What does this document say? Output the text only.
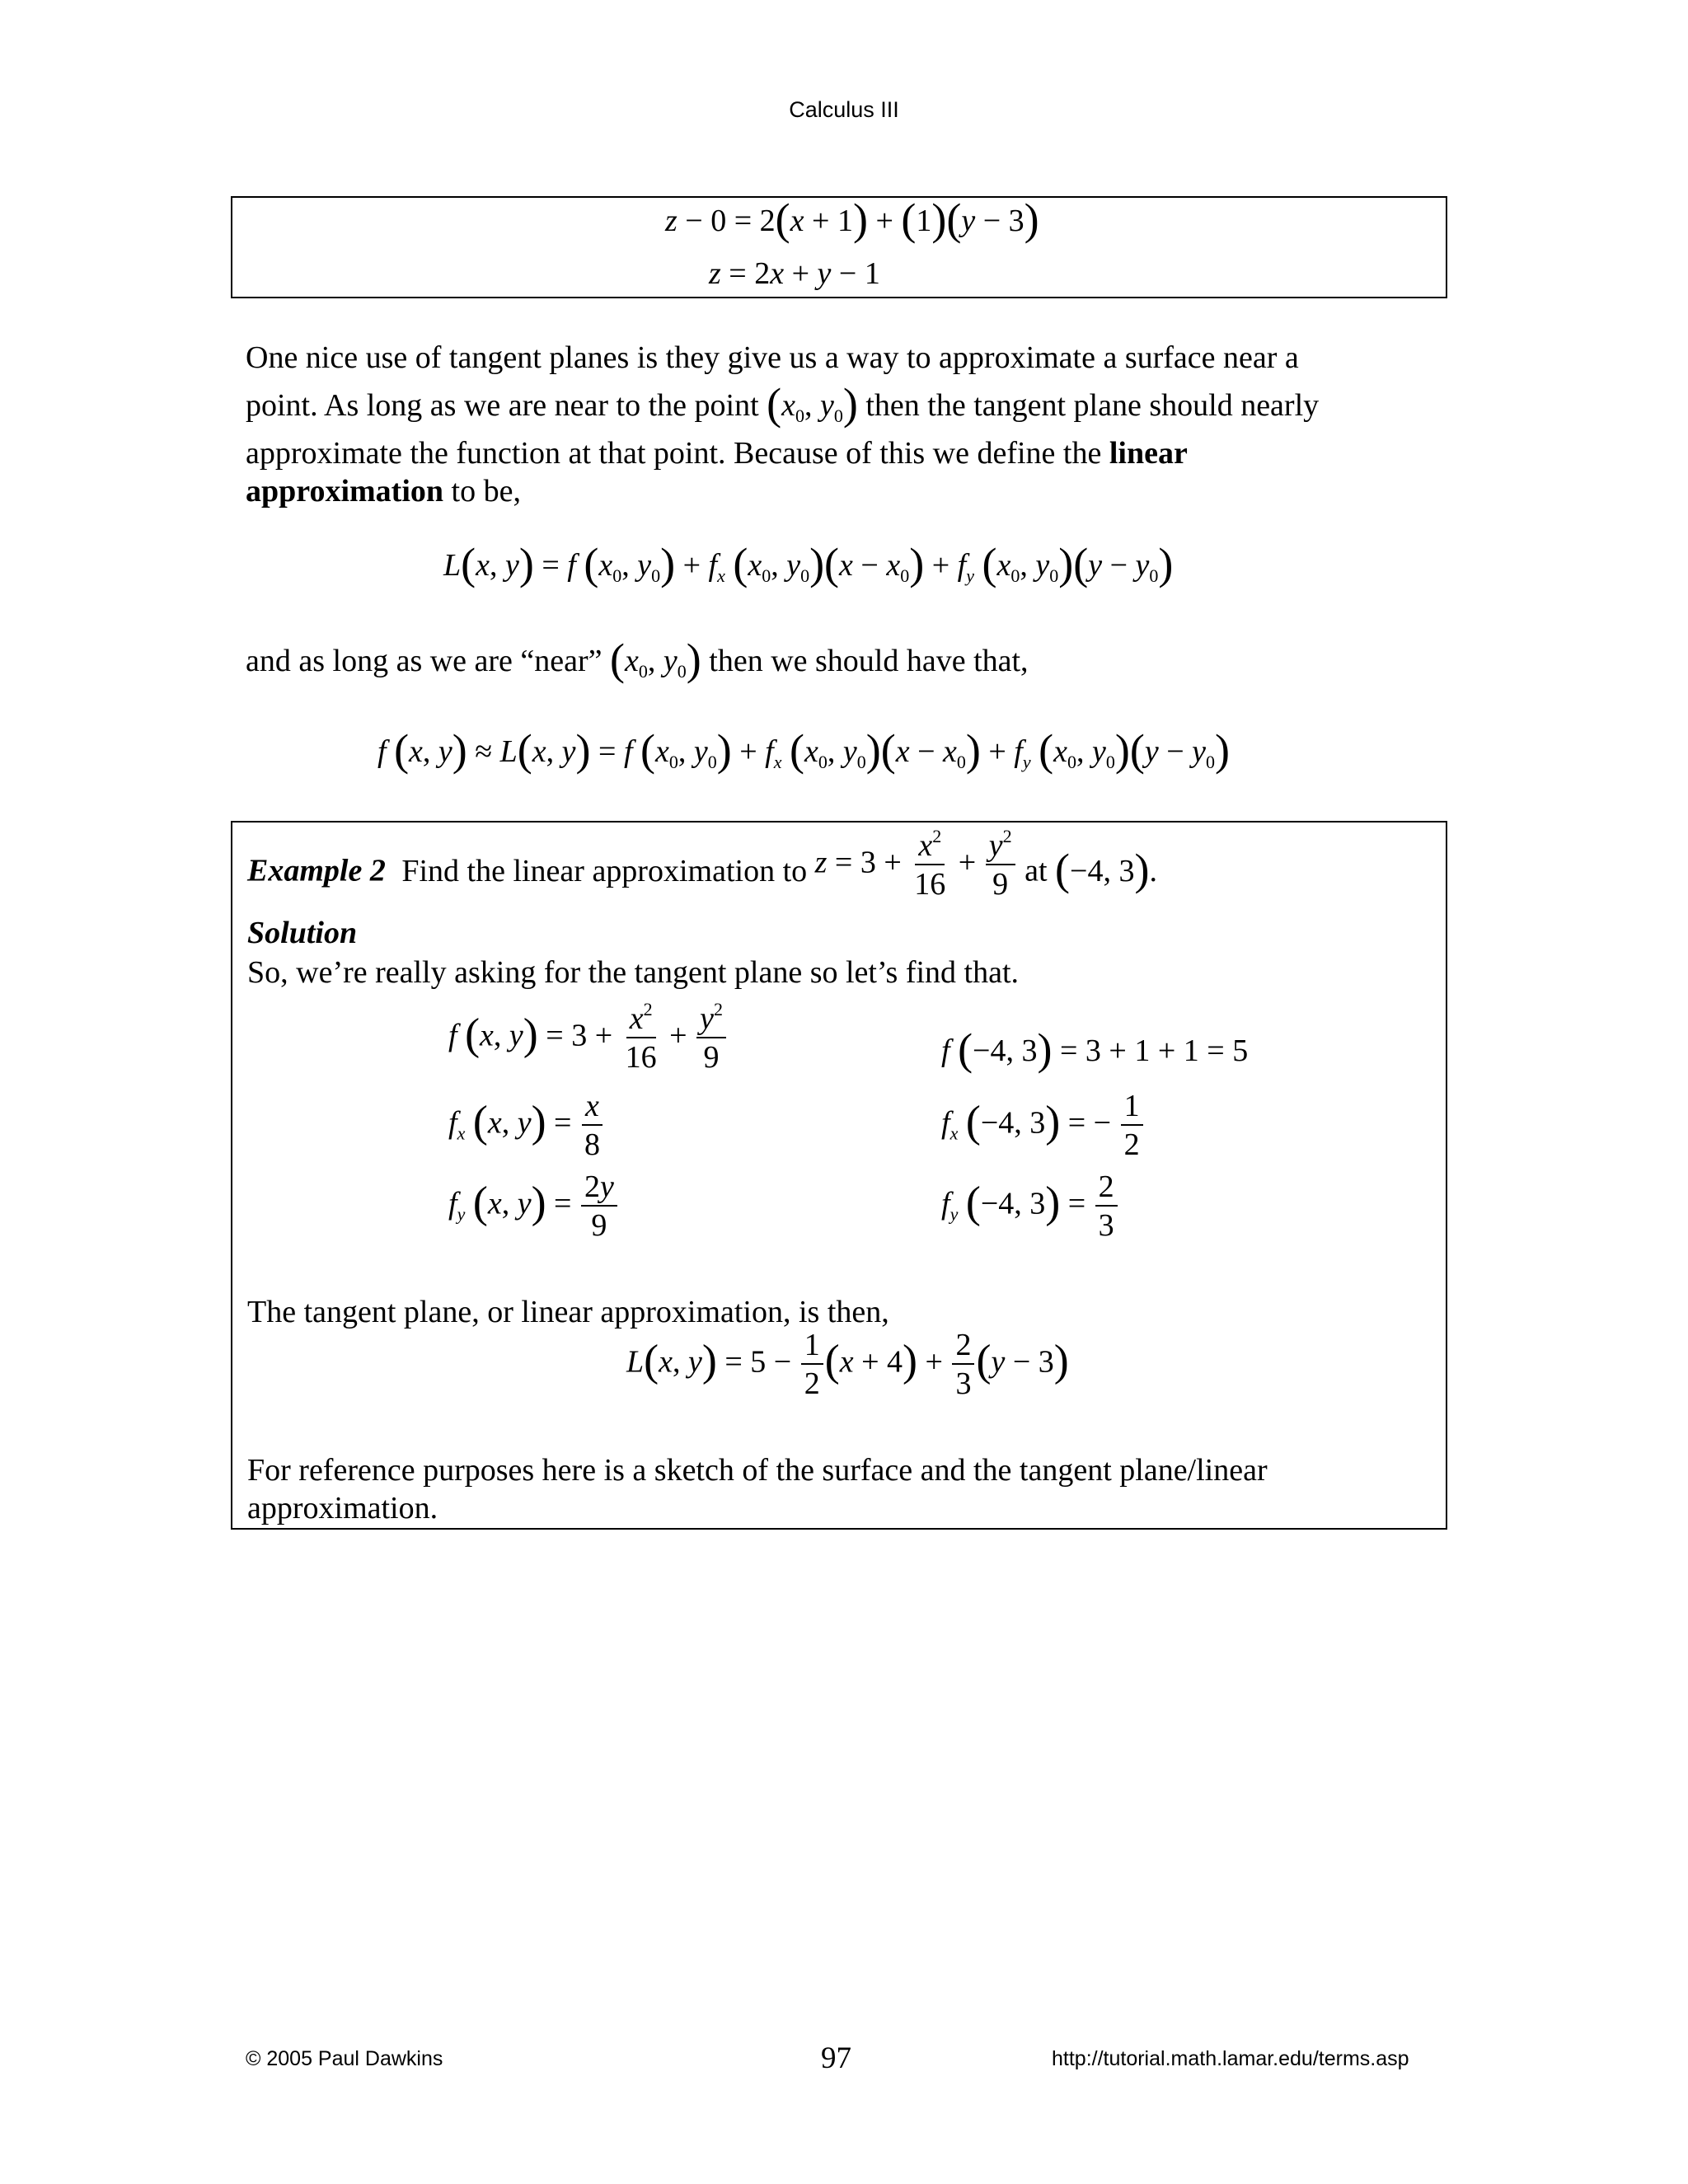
Calculus III
z − 0 = 2(x + 1) + (1)(y − 3)
z = 2x + y − 1
One nice use of tangent planes is they give us a way to approximate a surface near a
point. As long as we are near to the point ($x_0$, $y_0$) then the tangent plane should nearly
approximate the function at that point. Because of this we define the linear
approximation to be,
L(x, y) = f ($x_0$, $y_0) + f_x$ ($x_0$, $y_0)(x - x_0) + f_y$ ($x_0$, $y_0)(y - y_0)$
and as long as we are “near” ($x_0$, $y_0$) then we should have that,
f (x, y) ≈ L(x, y) = f ($x_0$, $y_0) + f_x$ ($x_0$, $y_0)(x - x_0) + f_y$ ($x_0$, $y_0)(y - y_0)$
Example 2 Find the linear approximation to $z = 3 + \frac{x^2}{16} + \frac{y^2}{9}$ at (−4, 3).
Solution
So, we’re really asking for the tangent plane so let’s find that.
f (x, $y) = 3 + \frac{x^2}{16} + \frac{y^2}{9}$
$f_x$ (x, $y) = \frac{x}{8}$
$f_y$ (x, $y) = \frac{2y}{9}$
f (−4, 3) = 3 + 1 + 1 = 5
$f_x$ (−4, 3) = − $\frac{1}{2}$
$f_y$ (−4, $3) = \frac{2}{3}$
The tangent plane, or linear approximation, is then,
L(x, $y) = 5 - \frac{1}{2} (x + 4) + \frac{2}{3} (y - 3)$
For reference purposes here is a sketch of the surface and the tangent plane/linear
approximation.
© 2005 Paul Dawkins	97	http://tutorial.math.lamar.edu/terms.asp
